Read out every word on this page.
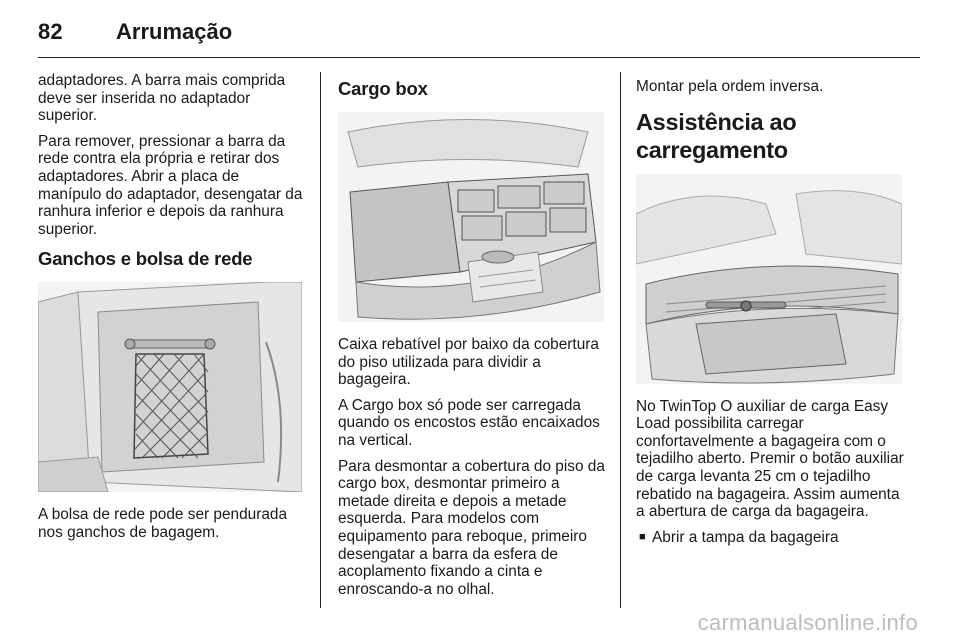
82	Arrumação

adaptadores. A barra mais comprida deve ser inserida no adaptador superior.

Para remover, pressionar a barra da rede contra ela própria e retirar dos adaptadores. Abrir a placa de manípulo do adaptador, desengatar da ranhura inferior e depois da ranhura superior.

Ganchos e bolsa de rede

A bolsa de rede pode ser pendurada nos ganchos de bagagem.

Cargo box

Caixa rebatível por baixo da cobertura do piso utilizada para dividir a bagageira.

A Cargo box só pode ser carregada quando os encostos estão encaixados na vertical.

Para desmontar a cobertura do piso da cargo box, desmontar primeiro a metade direita e depois a metade esquerda. Para modelos com equipamento para reboque, primeiro desengatar a barra da esfera de acoplamento fixando a cinta e enroscando-a no olhal.

Montar pela ordem inversa.

Assistência ao carregamento

No TwinTop O auxiliar de carga Easy Load possibilita carregar confortavelmente a bagageira com o tejadilho aberto. Premir o botão auxiliar de carga levanta 25 cm o tejadilho rebatido na bagageira. Assim aumenta a abertura de carga da bagageira.

■ Abrir a tampa da bagageira
carmanualsonline.info
